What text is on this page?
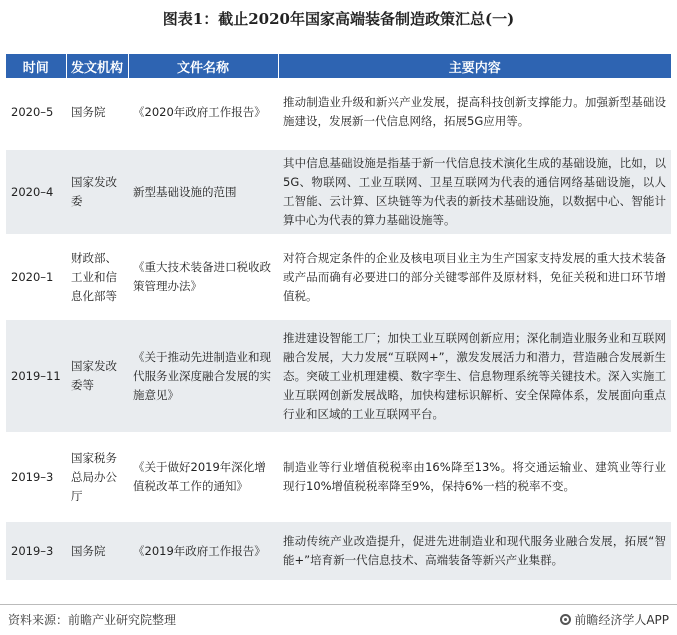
图表1：截止2020年国家高端装备制造政策汇总(一)
时间	发文机构	文件名称	主要内容
2020–5	国务院	《2020年政府工作报告》	推动制造业升级和新兴产业发展，提高科技创新支撑能力。加强新型基础设施建设，发展新一代信息网络，拓展5G应用等。
2020–4	国家发改委	新型基础设施的范围	其中信息基础设施是指基于新一代信息技术演化生成的基础设施，比如，以5G、物联网、工业互联网、卫星互联网为代表的通信网络基础设施，以人工智能、云计算、区块链等为代表的新技术基础设施，以数据中心、智能计算中心为代表的算力基础设施等。
2020–1	财政部、工业和信息化部等	《重大技术装备进口税收政策管理办法》	对符合规定条件的企业及核电项目业主为生产国家支持发展的重大技术装备或产品而确有必要进口的部分关键零部件及原材料，免征关税和进口环节增值税。
2019–11	国家发改委等	《关于推动先进制造业和现代服务业深度融合发展的实施意见》	推进建设智能工厂；加快工业互联网创新应用；深化制造业服务业和互联网融合发展，大力发展“互联网+”，激发发展活力和潜力，营造融合发展新生态。突破工业机理建模、数字孪生、信息物理系统等关键技术。深入实施工业互联网创新发展战略，加快构建标识解析、安全保障体系，发展面向重点行业和区域的工业互联网平台。
2019–3	国家税务总局办公厅	《关于做好2019年深化增值税改革工作的通知》	制造业等行业增值税税率由16%降至13%。将交通运输业、建筑业等行业现行10%增值税税率降至9%，保持6%一档的税率不变。
2019–3	国务院	《2019年政府工作报告》	推动传统产业改造提升，促进先进制造业和现代服务业融合发展，拓展“智能+”培育新一代信息技术、高端装备等新兴产业集群。
资料来源：前瞻产业研究院整理	前瞻经济学人APP
